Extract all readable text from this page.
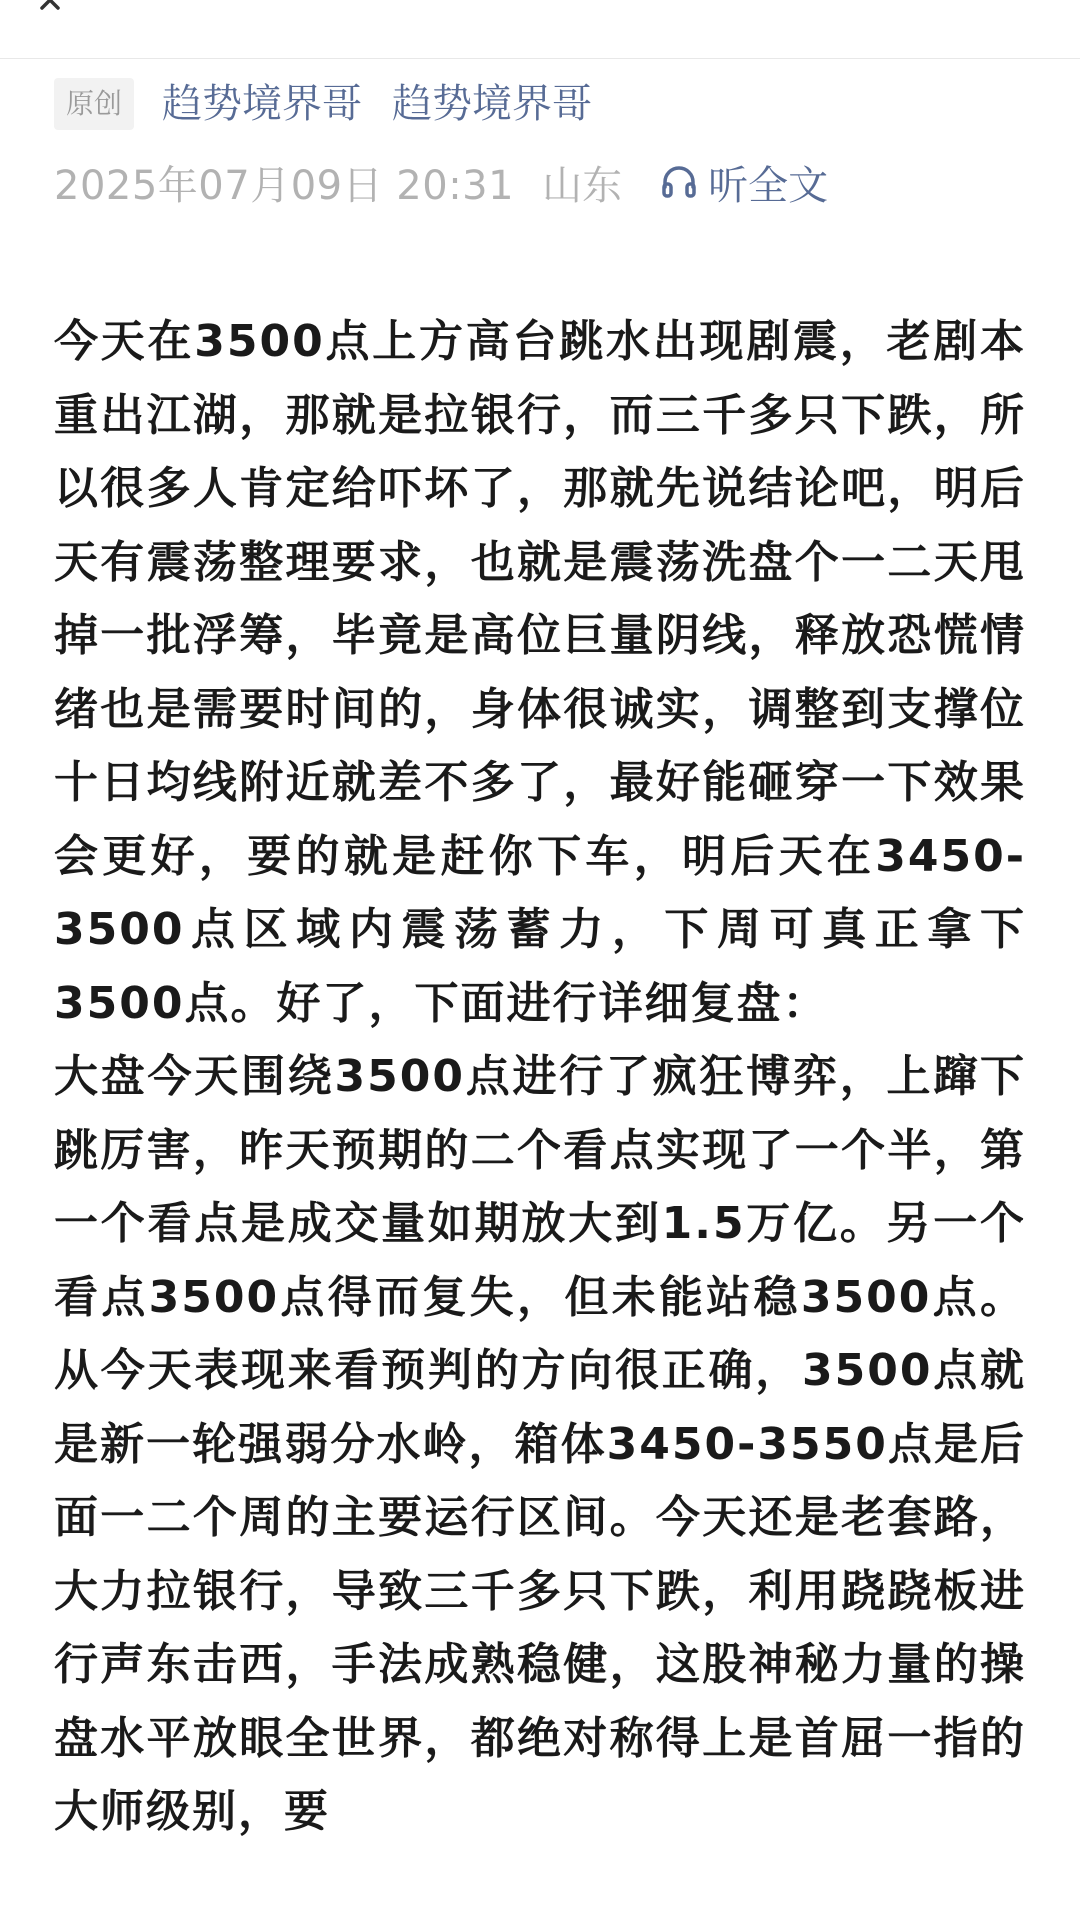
原创	趋势境界哥 趋势境界哥
2025年07月09日 20:31 山东 听全文

今天在3500点上方高台跳水出现剧震，老剧本重出江湖，那就是拉银行，而三千多只下跌，所以很多人肯定给吓坏了，那就先说结论吧，明后天有震荡整理要求，也就是震荡洗盘个一二天甩掉一批浮筹，毕竟是高位巨量阴线，释放恐慌情绪也是需要时间的，身体很诚实，调整到支撑位十日均线附近就差不多了，最好能砸穿一下效果会更好，要的就是赶你下车，明后天在3450-3500点区域内震荡蓄力，下周可真正拿下3500点。好了，下面进行详细复盘：

大盘今天围绕3500点进行了疯狂博弈，上蹿下跳厉害，昨天预期的二个看点实现了一个半，第一个看点是成交量如期放大到1.5万亿。另一个看点3500点得而复失，但未能站稳3500点。从今天表现来看预判的方向很正确，3500点就是新一轮强弱分水岭，箱体3450-3550点是后面一二个周的主要运行区间。今天还是老套路，大力拉银行，导致三千多只下跌，利用跷跷板进行声东击西，手法成熟稳健，这股神秘力量的操盘水平放眼全世界，都绝对称得上是首屈一指的大师级别，要
